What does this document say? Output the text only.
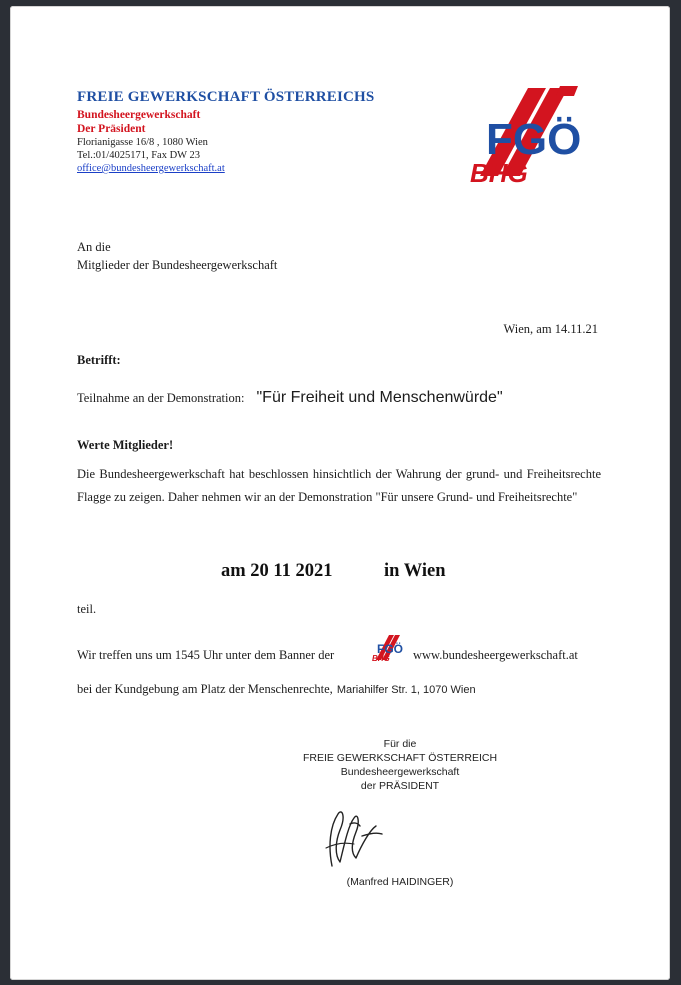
FREIE GEWERKSCHAFT ÖSTERREICHS
Bundesheergewerkschaft
Der Präsident
Florianigasse 16/8 , 1080 Wien
Tel.:01/4025171, Fax DW 23
office@bundesheergewerkschaft.at
FGÖ
BHG
An die
Mitglieder der Bundesheergewerkschaft
Wien, am 14.11.21
Betrifft:
Teilnahme an der Demonstration: "Für Freiheit und Menschenwürde"
Werte Mitglieder!
Die Bundesheergewerkschaft hat beschlossen hinsichtlich der Wahrung der grund- und Freiheitsrechte Flagge zu zeigen. Daher nehmen wir an der Demonstration "Für unsere Grund- und Freiheitsrechte"
am 20 11 2021	in Wien
teil.
Wir treffen uns um 1545 Uhr unter dem Banner der	FGÖ
BHG www.bundesheergewerkschaft.at
bei der Kundgebung am Platz der Menschenrechte, Mariahilfer Str. 1, 1070 Wien
Für die
FREIE GEWERKSCHAFT ÖSTERREICH
Bundesheergewerkschaft
der PRÄSIDENT
(Manfred HAIDINGER)
